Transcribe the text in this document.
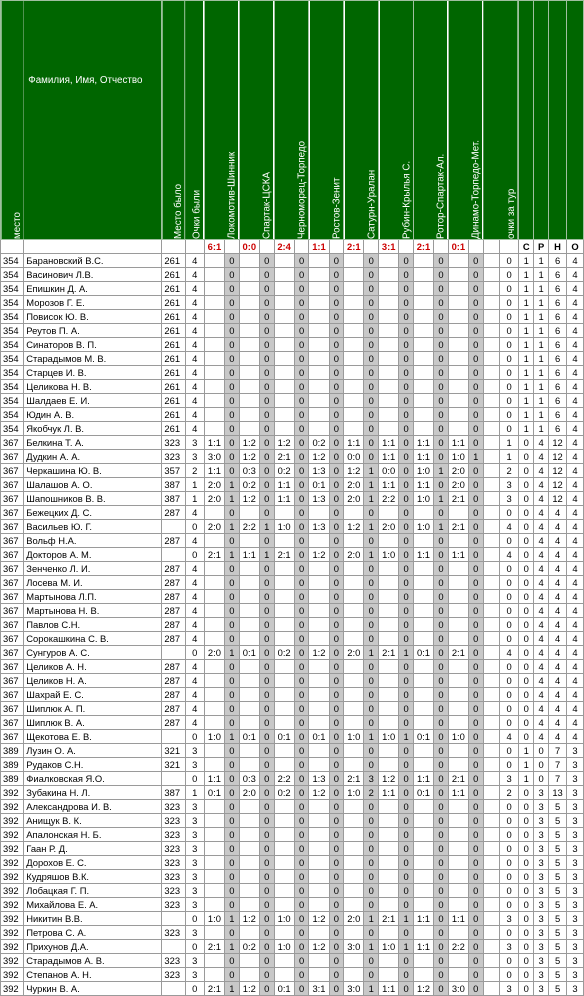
место	Фамилия, Имя, Отчество	Место было	Очки были	Локомотив-Шинник		Спартак-ЦСКА		Черноморец-Торпедо		Ростов-Зенит		Сатурн-Уралан		Рубин-Крылья С.		Ротор-Спартак-Ал.		Динамо-Торпедо-Мет.		очки за тур					
				6:1		0:0		2:4		1:1		2:1		3:1		2:1		0:1				С	Р	Н	О
354	Барановский В.С.	261	4		0		0		0		0		0		0		0		0		0	1	1	6	4
354	Васинович Л.В.	261	4		0		0		0		0		0		0		0		0		0	1	1	6	4
354	Епишкин Д. А.	261	4		0		0		0		0		0		0		0		0		0	1	1	6	4
354	Морозов Г. Е.	261	4		0		0		0		0		0		0		0		0		0	1	1	6	4
354	Повисок Ю. В.	261	4		0		0		0		0		0		0		0		0		0	1	1	6	4
354	Реутов П. А.	261	4		0		0		0		0		0		0		0		0		0	1	1	6	4
354	Синаторов В. П.	261	4		0		0		0		0		0		0		0		0		0	1	1	6	4
354	Старадымов М. В.	261	4		0		0		0		0		0		0		0		0		0	1	1	6	4
354	Старцев И. В.	261	4		0		0		0		0		0		0		0		0		0	1	1	6	4
354	Целикова Н. В.	261	4		0		0		0		0		0		0		0		0		0	1	1	6	4
354	Шалдаев Е. И.	261	4		0		0		0		0		0		0		0		0		0	1	1	6	4
354	Юдин А. В.	261	4		0		0		0		0		0		0		0		0		0	1	1	6	4
354	Якобчук Л. В.	261	4		0		0		0		0		0		0		0		0		0	1	1	6	4
367	Белкина Т. А.	323	3	1:1	0	1:2	0	1:2	0	0:2	0	1:1	0	1:1	0	1:1	0	1:1	0		1	0	4	12	4
367	Дудкин А. А.	323	3	3:0	0	1:2	0	2:1	0	1:2	0	0:0	0	1:1	0	1:1	0	1:0	1		1	0	4	12	4
367	Черкашина Ю. В.	357	2	1:1	0	0:3	0	0:2	0	1:3	0	1:2	1	0:0	0	1:0	1	2:0	0		2	0	4	12	4
367	Шалашов А. О.	387	1	2:0	1	0:2	0	1:1	0	0:1	0	2:0	1	1:1	0	1:1	0	2:0	0		3	0	4	12	4
367	Шапошников В. В.	387	1	2:0	1	1:2	0	1:1	0	1:3	0	2:0	1	2:2	0	1:0	1	2:1	0		3	0	4	12	4
367	Бежецких Д. С.	287	4		0		0		0		0		0		0		0		0		0	0	4	4	4
367	Васильев Ю. Г.		0	2:0	1	2:2	1	1:0	0	1:3	0	1:2	1	2:0	0	1:0	1	2:1	0		4	0	4	4	4
367	Вольф Н.А.	287	4		0		0		0		0		0		0		0		0		0	0	4	4	4
367	Докторов А. М.		0	2:1	1	1:1	1	2:1	0	1:2	0	2:0	1	1:0	0	1:1	0	1:1	0		4	0	4	4	4
367	Зенченко Л. И.	287	4		0		0		0		0		0		0		0		0		0	0	4	4	4
367	Лосева М. И.	287	4		0		0		0		0		0		0		0		0		0	0	4	4	4
367	Мартынова Л.П.	287	4		0		0		0		0		0		0		0		0		0	0	4	4	4
367	Мартынова Н. В.	287	4		0		0		0		0		0		0		0		0		0	0	4	4	4
367	Павлов С.Н.	287	4		0		0		0		0		0		0		0		0		0	0	4	4	4
367	Сорокашкина С. В.	287	4		0		0		0		0		0		0		0		0		0	0	4	4	4
367	Сунгуров А. С.		0	2:0	1	0:1	0	0:2	0	1:2	0	2:0	1	2:1	1	0:1	0	2:1	0		4	0	4	4	4
367	Целиков А. Н.	287	4		0		0		0		0		0		0		0		0		0	0	4	4	4
367	Целиков Н. А.	287	4		0		0		0		0		0		0		0		0		0	0	4	4	4
367	Шахрай Е. С.	287	4		0		0		0		0		0		0		0		0		0	0	4	4	4
367	Шиплюк А. П.	287	4		0		0		0		0		0		0		0		0		0	0	4	4	4
367	Шиплюк В. А.	287	4		0		0		0		0		0		0		0		0		0	0	4	4	4
367	Щекотова Е. В.		0	1:0	1	0:1	0	0:1	0	0:1	0	1:0	1	1:0	1	0:1	0	1:0	0		4	0	4	4	4
389	Лузин О. А.	321	3		0		0		0		0		0		0		0		0		0	1	0	7	3
389	Рудаков С.Н.	321	3		0		0		0		0		0		0		0		0		0	1	0	7	3
389	Фиалковская Я.О.		0	1:1	0	0:3	0	2:2	0	1:3	0	2:1	3	1:2	0	1:1	0	2:1	0		3	1	0	7	3
392	Зубакина Н. Л.	387	1	0:1	0	2:0	0	0:2	0	1:2	0	1:0	2	1:1	0	0:1	0	1:1	0		2	0	3	13	3
392	Александрова И. В.	323	3		0		0		0		0		0		0		0		0		0	0	3	5	3
392	Анищук В. К.	323	3		0		0		0		0		0		0		0		0		0	0	3	5	3
392	Апалонская Н. Б.	323	3		0		0		0		0		0		0		0		0		0	0	3	5	3
392	Гаан Р. Д.	323	3		0		0		0		0		0		0		0		0		0	0	3	5	3
392	Дорохов Е. С.	323	3		0		0		0		0		0		0		0		0		0	0	3	5	3
392	Кудряшов В.К.	323	3		0		0		0		0		0		0		0		0		0	0	3	5	3
392	Лобацкая Г. П.	323	3		0		0		0		0		0		0		0		0		0	0	3	5	3
392	Михайлова Е. А.	323	3		0		0		0		0		0		0		0		0		0	0	3	5	3
392	Никитин В.В.		0	1:0	1	1:2	0	1:0	0	1:2	0	2:0	1	2:1	1	1:1	0	1:1	0		3	0	3	5	3
392	Петрова С. А.	323	3		0		0		0		0		0		0		0		0		0	0	3	5	3
392	Прихунов Д.А.		0	2:1	1	0:2	0	1:0	0	1:2	0	3:0	1	1:0	1	1:1	0	2:2	0		3	0	3	5	3
392	Старадымов А. В.	323	3		0		0		0		0		0		0		0		0		0	0	3	5	3
392	Степанов А. Н.	323	3		0		0		0		0		0		0		0		0		0	0	3	5	3
392	Чуркин В. А.		0	2:1	1	1:2	0	0:1	0	3:1	0	3:0	1	1:1	0	1:2	0	3:0	0		3	0	3	5	3
